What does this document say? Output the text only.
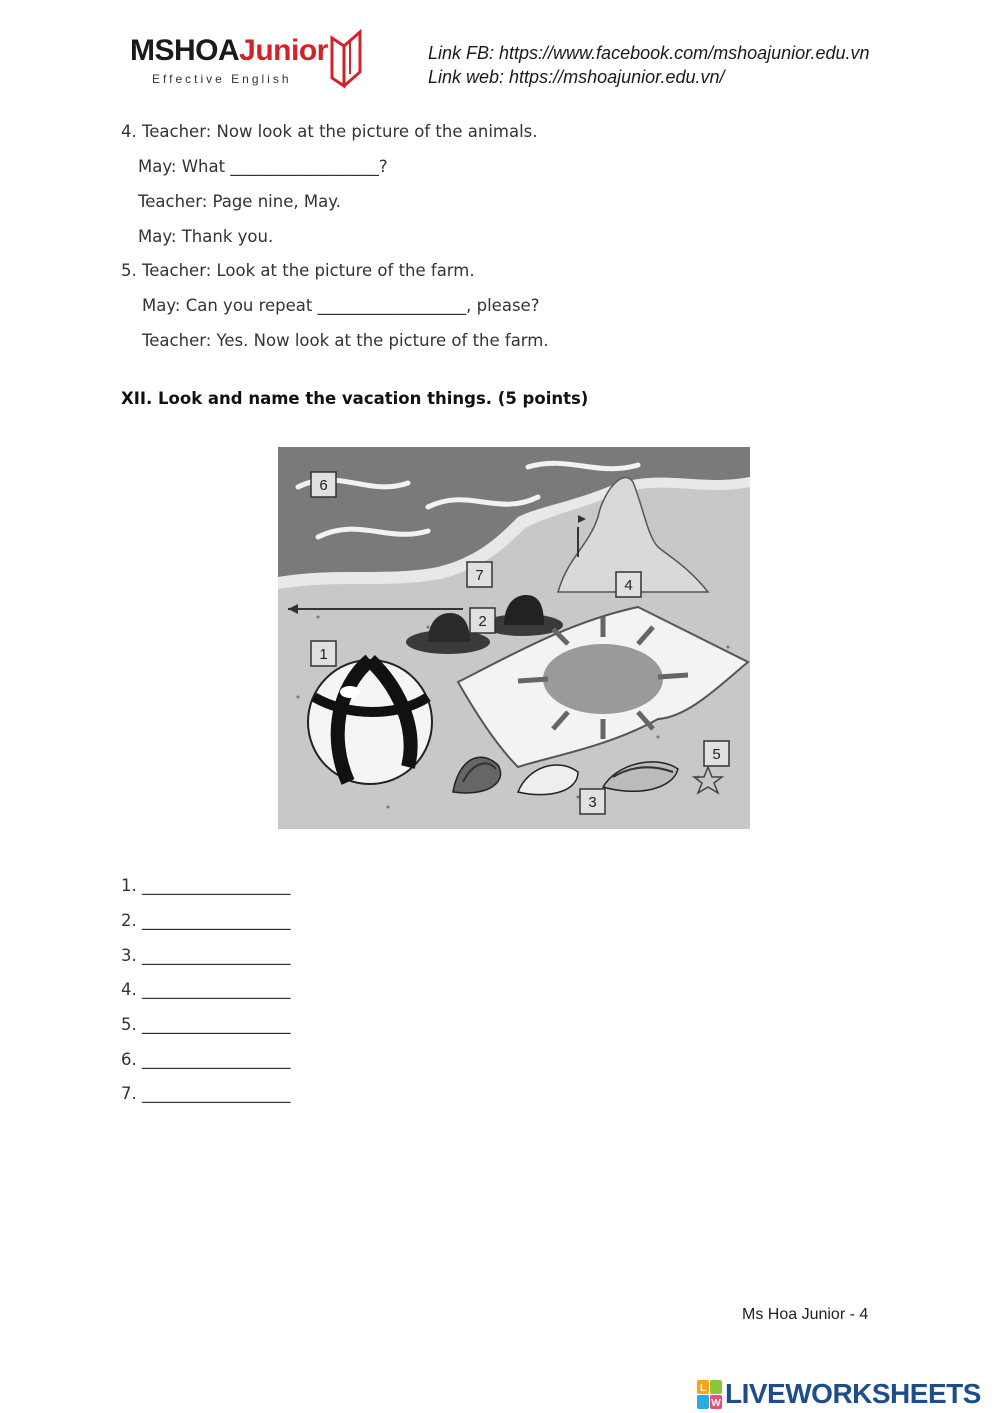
MSHOAJunior
Effective English
Link FB: https://www.facebook.com/mshoajunior.edu.vn
Link web: https://mshoajunior.edu.vn/
4. Teacher: Now look at the picture of the animals.
May: What __________________?
Teacher: Page nine, May.
May: Thank you.
5. Teacher: Look at the picture of the farm.
May: Can you repeat __________________, please?
Teacher: Yes. Now look at the picture of the farm.
XII. Look and name the vacation things. (5 points)
6
7
4
2
1
5
3
1. __________________
2. __________________
3. __________________
4. __________________
5. __________________
6. __________________
7. __________________
Ms Hoa Junior - 4
L
W LIVEWORKSHEETS
